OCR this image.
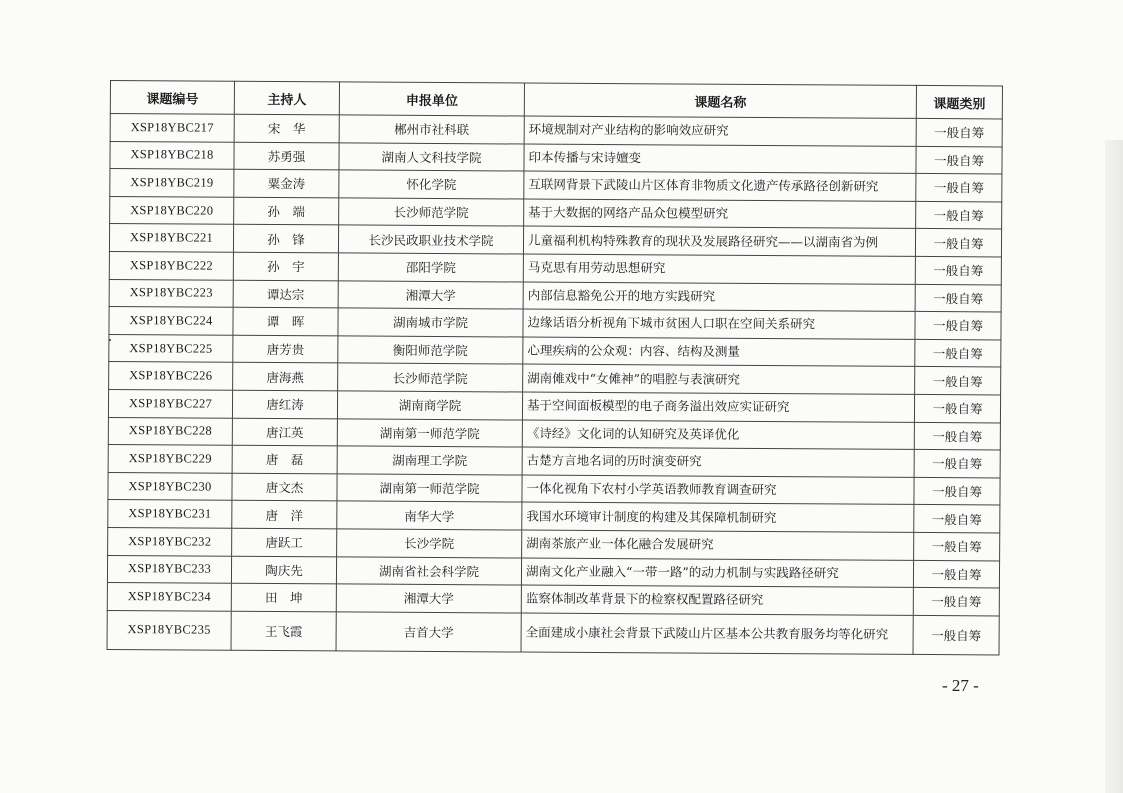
课题编号	主持人	申报单位	课题名称	课题类别
XSP18YBC217	宋　华	郴州市社科联	环境规制对产业结构的影响效应研究	一般自筹
XSP18YBC218	苏勇强	湖南人文科技学院	印本传播与宋诗嬗变	一般自筹
XSP18YBC219	粟金涛	怀化学院	互联网背景下武陵山片区体育非物质文化遗产传承路径创新研究	一般自筹
XSP18YBC220	孙　端	长沙师范学院	基于大数据的网络产品众包模型研究	一般自筹
XSP18YBC221	孙　锋	长沙民政职业技术学院	儿童福利机构特殊教育的现状及发展路径研究——以湖南省为例	一般自筹
XSP18YBC222	孙　宇	邵阳学院	马克思有用劳动思想研究	一般自筹
XSP18YBC223	谭达宗	湘潭大学	内部信息豁免公开的地方实践研究	一般自筹
XSP18YBC224	谭　晖	湖南城市学院	边缘话语分析视角下城市贫困人口职在空间关系研究	一般自筹
XSP18YBC225	唐芳贵	衡阳师范学院	心理疾病的公众观：内容、结构及测量	一般自筹
XSP18YBC226	唐海燕	长沙师范学院	湖南傩戏中“女傩神”的唱腔与表演研究	一般自筹
XSP18YBC227	唐红涛	湖南商学院	基于空间面板模型的电子商务溢出效应实证研究	一般自筹
XSP18YBC228	唐江英	湖南第一师范学院	《诗经》文化词的认知研究及英译优化	一般自筹
XSP18YBC229	唐　磊	湖南理工学院	古楚方言地名词的历时演变研究	一般自筹
XSP18YBC230	唐文杰	湖南第一师范学院	一体化视角下农村小学英语教师教育调查研究	一般自筹
XSP18YBC231	唐　洋	南华大学	我国水环境审计制度的构建及其保障机制研究	一般自筹
XSP18YBC232	唐跃工	长沙学院	湖南茶旅产业一体化融合发展研究	一般自筹
XSP18YBC233	陶庆先	湖南省社会科学院	湖南文化产业融入“一带一路”的动力机制与实践路径研究	一般自筹
XSP18YBC234	田　坤	湘潭大学	监察体制改革背景下的检察权配置路径研究	一般自筹
XSP18YBC235	王飞霞	吉首大学	全面建成小康社会背景下武陵山片区基本公共教育服务均等化研究	一般自筹
- 27 -
